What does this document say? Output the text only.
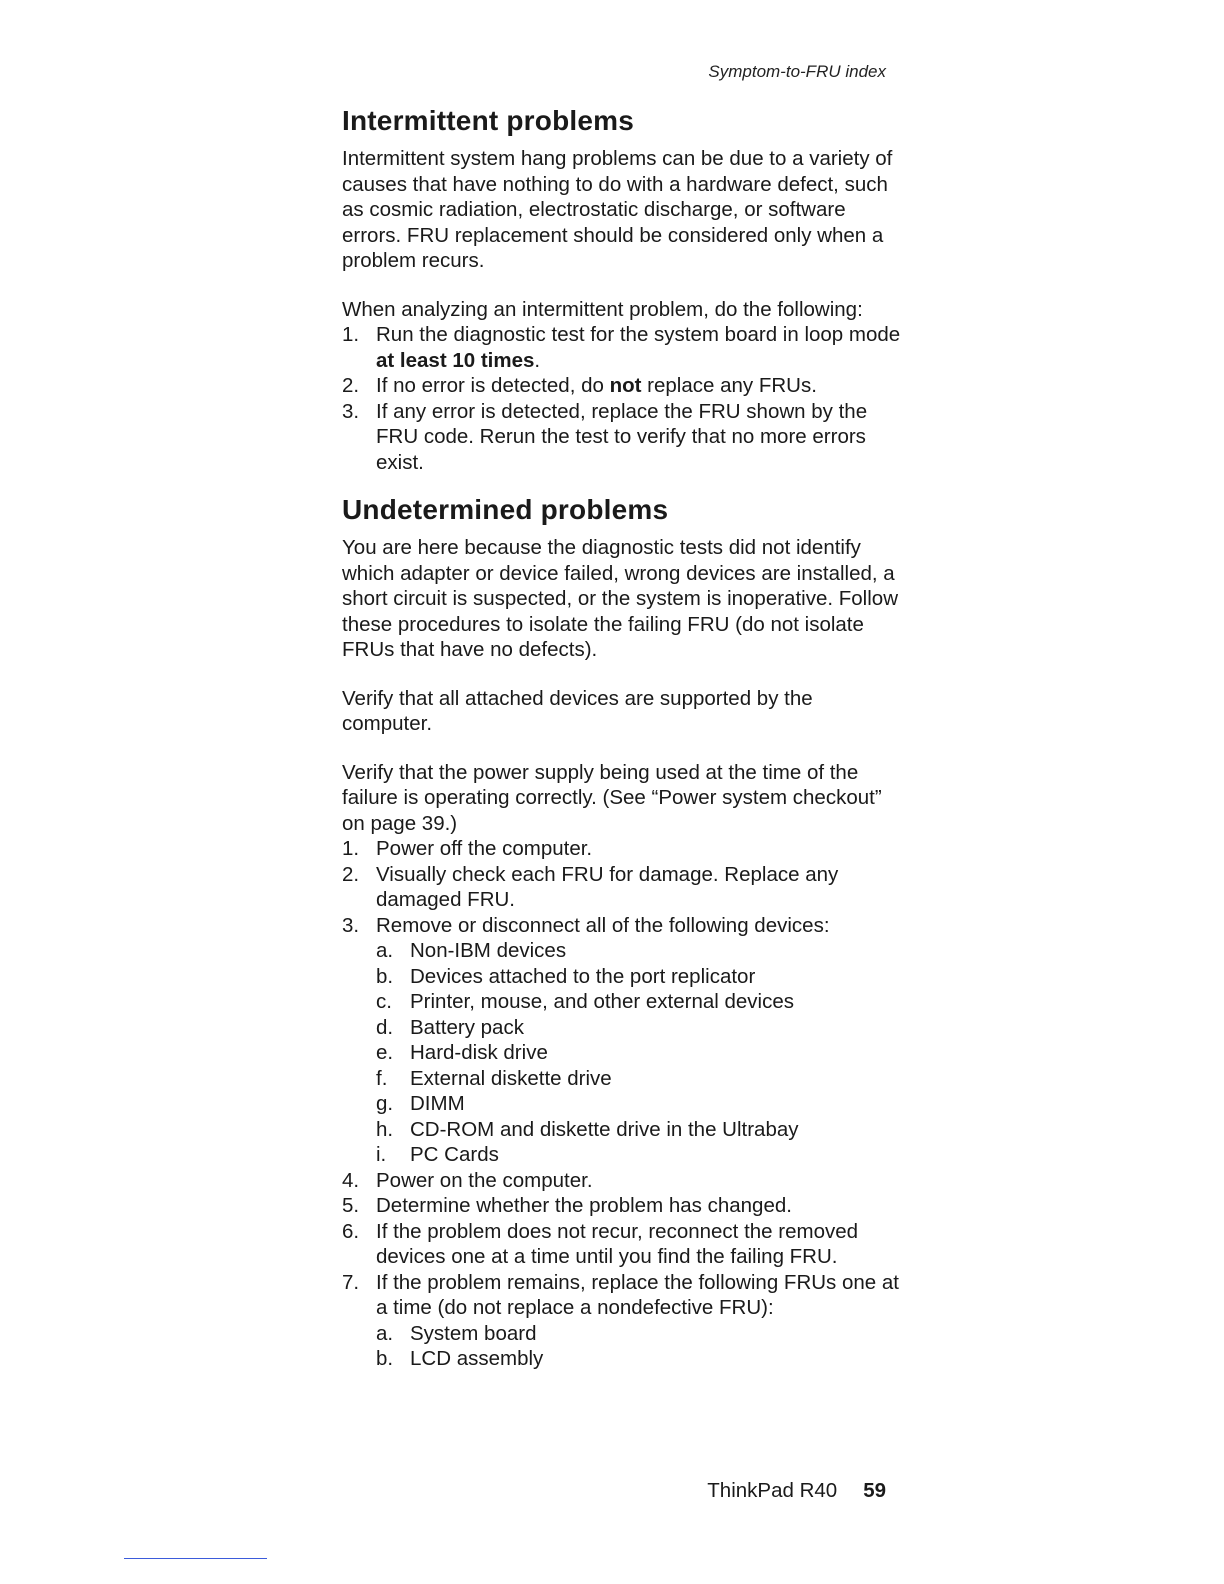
Symptom-to-FRU index
Intermittent problems

Intermittent system hang problems can be due to a variety of causes that have nothing to do with a hardware defect, such as cosmic radiation, electrostatic discharge, or software errors. FRU replacement should be considered only when a problem recurs.

When analyzing an intermittent problem, do the following:

1. Run the diagnostic test for the system board in loop mode at least 10 times.
2. If no error is detected, do not replace any FRUs.
3. If any error is detected, replace the FRU shown by the FRU code. Rerun the test to verify that no more errors exist.
Undetermined problems

You are here because the diagnostic tests did not identify which adapter or device failed, wrong devices are installed, a short circuit is suspected, or the system is inoperative. Follow these procedures to isolate the failing FRU (do not isolate FRUs that have no defects).

Verify that all attached devices are supported by the computer.

Verify that the power supply being used at the time of the failure is operating correctly. (See “Power system checkout” on page 39.)

1. Power off the computer.
2. Visually check each FRU for damage. Replace any damaged FRU.
3. Remove or disconnect all of the following devices:
a. Non-IBM devices
b. Devices attached to the port replicator
c. Printer, mouse, and other external devices
d. Battery pack
e. Hard-disk drive
f. External diskette drive
g. DIMM
h. CD-ROM and diskette drive in the Ultrabay
i. PC Cards
4. Power on the computer.
5. Determine whether the problem has changed.
6. If the problem does not recur, reconnect the removed devices one at a time until you find the failing FRU.
7. If the problem remains, replace the following FRUs one at a time (do not replace a nondefective FRU):
a. System board
b. LCD assembly
ThinkPad R40 59
